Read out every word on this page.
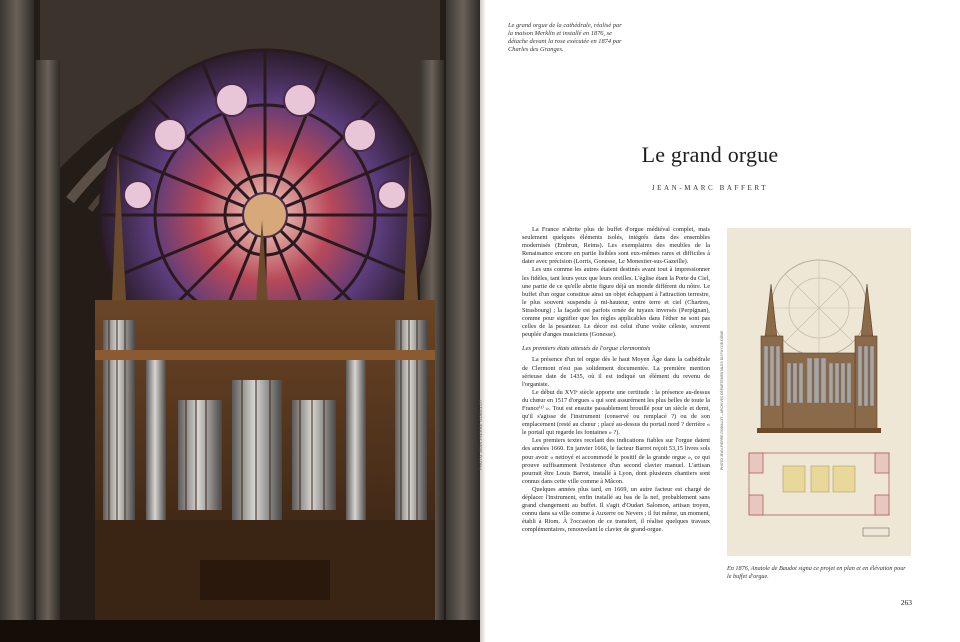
PHOTO JEAN-PIERRE GOBILLOT
Le grand orgue de la cathédrale, réalisé par la maison Merklin et installé en 1876, se détache devant la rose exécutée en 1874 par Charles des Granges.
Le grand orgue
JEAN-MARC BAFFERT

La France n'abrite plus de buffet d'orgue médiéval complet, mais seulement quelques éléments isolés, intégrés dans des ensembles modernisés (Embrun, Reims). Les exemplaires des meubles de la Renaissance encore en partie lisibles sont eux-mêmes rares et difficiles à dater avec précision (Lorris, Gonesse, Le Monestier-sus-Gazeille).

Les uns comme les autres étaient destinés avant tout à impressionner les fidèles, tant leurs yeux que leurs oreilles. L'église étant la Porte du Ciel, une partie de ce qu'elle abrite figure déjà un monde différent du nôtre. Le buffet d'un orgue constitue ainsi un objet échappant à l'attraction terrestre, le plus souvent suspendu à mi-hauteur, entre terre et ciel (Chartres, Strasbourg) ; la façade est parfois ornée de tuyaux inversés (Perpignan), comme pour signifier que les règles applicables dans l'éther ne sont pas celles de la pesanteur. Le décor est celui d'une voûte céleste, souvent peuplée d'anges musiciens (Gonesse).

Les premiers états attestés de l'orgue clermontois

La présence d'un tel orgue dès le haut Moyen Âge dans la cathédrale de Clermont n'est pas solidement documentée. La première mention sérieuse date de 1435, où il est indiqué un élément du revenu de l'organiste.

Le début du XVIᵉ siècle apporte une certitude : la présence au-dessus du chœur en 1517 d'orgues « qui sont assurément les plus belles de toute la France⁽¹⁾ ». Tout est ensuite passablement brouillé pour un siècle et demi, qu'il s'agisse de l'instrument (conservé ou remplacé ?) ou de son emplacement (resté au chœur ; placé au-dessus du portail nord ? derrière « le portail qui regarde les fontaines » ?).

Les premiers textes recelant des indications fiables sur l'orgue datent des années 1660. En janvier 1666, le facteur Barrot reçoit 53,15 livres sols pour avoir « nettoyé et accommodé le positif de la grande orgue », ce qui prouve suffisamment l'existence d'un second clavier manuel. L'artisan pourrait être Louis Barrot, installé à Lyon, dont plusieurs chantiers sont connus dans cette ville comme à Mâcon.

Quelques années plus tard, en 1669, un autre facteur est chargé de déplacer l'instrument, enfin installé au bas de la nef, probablement sans grand changement au buffet. Il s'agit d'Oudart Salomon, artisan troyen, connu dans sa ville comme à Auxerre ou Nevers ; il fut même, un moment, établi à Riom. À l'occasion de ce transfert, il réalise quelques travaux complémentaires, renouvelant le clavier de grand-orgue.

PHOTO JEAN-PIERRE GOBILLOT – ARCHIVES DÉPARTEMENTALES DU PUY-DE-DÔME
En 1876, Anatole de Baudot signa ce projet en plan et en élévation pour le buffet d'orgue.
263
